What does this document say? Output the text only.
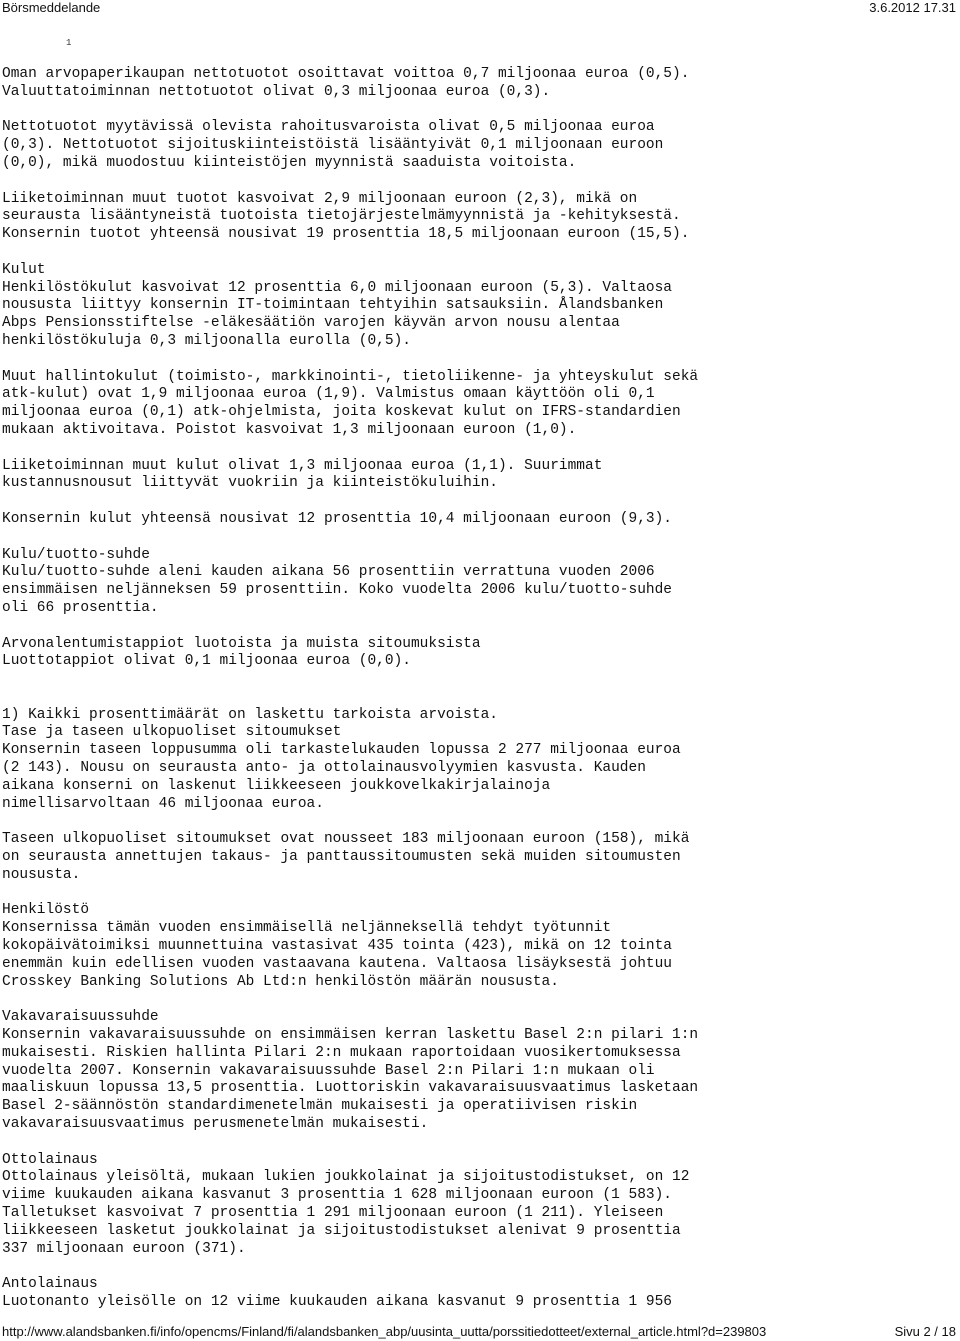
Börsmeddelande	3.6.2012 17.31
1
Oman arvopaperikaupan nettotuotot osoittavat voittoa 0,7 miljoonaa euroa (0,5).
Valuuttatoiminnan nettotuotot olivat 0,3 miljoonaa euroa (0,3).
Nettotuotot myytävissä olevista rahoitusvaroista olivat 0,5 miljoonaa euroa
(0,3). Nettotuotot sijoituskiinteistöistä lisääntyivät 0,1 miljoonaan euroon
(0,0), mikä muodostuu kiinteistöjen myynnistä saaduista voitoista.
Liiketoiminnan muut tuotot kasvoivat 2,9 miljoonaan euroon (2,3), mikä on
seurausta lisääntyneistä tuotoista tietojärjestelmämyynnistä ja -kehityksestä.
Konsernin tuotot yhteensä nousivat 19 prosenttia 18,5 miljoonaan euroon (15,5).
Kulut
Henkilöstökulut kasvoivat 12 prosenttia 6,0 miljoonaan euroon (5,3). Valtaosa
noususta liittyy konsernin IT-toimintaan tehtyihin satsauksiin. Ålandsbanken
Abps Pensionsstiftelse -eläkesäätiön varojen käyvän arvon nousu alentaa
henkilöstökuluja 0,3 miljoonalla eurolla (0,5).
Muut hallintokulut (toimisto-, markkinointi-, tietoliikenne- ja yhteyskulut sekä
atk-kulut) ovat 1,9 miljoonaa euroa (1,9). Valmistus omaan käyttöön oli 0,1
miljoonaa euroa (0,1) atk-ohjelmista, joita koskevat kulut on IFRS-standardien
mukaan aktivoitava. Poistot kasvoivat 1,3 miljoonaan euroon (1,0).
Liiketoiminnan muut kulut olivat 1,3 miljoonaa euroa (1,1). Suurimmat
kustannusnousut liittyvät vuokriin ja kiinteistökuluihin.
Konsernin kulut yhteensä nousivat 12 prosenttia 10,4 miljoonaan euroon (9,3).
Kulu/tuotto-suhde
Kulu/tuotto-suhde aleni kauden aikana 56 prosenttiin verrattuna vuoden 2006
ensimmäisen neljänneksen 59 prosenttiin. Koko vuodelta 2006 kulu/tuotto-suhde
oli 66 prosenttia.
Arvonalentumistappiot luotoista ja muista sitoumuksista
Luottotappiot olivat 0,1 miljoonaa euroa (0,0).
1) Kaikki prosenttimäärät on laskettu tarkoista arvoista.
Tase ja taseen ulkopuoliset sitoumukset
Konsernin taseen loppusumma oli tarkastelukauden lopussa 2 277 miljoonaa euroa
(2 143). Nousu on seurausta anto- ja ottolainausvolyymien kasvusta. Kauden
aikana konserni on laskenut liikkeeseen joukkovelkakirjalainoja
nimellisarvoltaan 46 miljoonaa euroa.
Taseen ulkopuoliset sitoumukset ovat nousseet 183 miljoonaan euroon (158), mikä
on seurausta annettujen takaus- ja panttaussitoumusten sekä muiden sitoumusten
noususta.
Henkilöstö
Konsernissa tämän vuoden ensimmäisellä neljänneksellä tehdyt työtunnit
kokopäivätoimiksi muunnettuina vastasivat 435 tointa (423), mikä on 12 tointa
enemmän kuin edellisen vuoden vastaavana kautena. Valtaosa lisäyksestä johtuu
Crosskey Banking Solutions Ab Ltd:n henkilöstön määrän noususta.
Vakavaraisuussuhde
Konsernin vakavaraisuussuhde on ensimmäisen kerran laskettu Basel 2:n pilari 1:n
mukaisesti. Riskien hallinta Pilari 2:n mukaan raportoidaan vuosikertomuksessa
vuodelta 2007. Konsernin vakavaraisuussuhde Basel 2:n Pilari 1:n mukaan oli
maaliskuun lopussa 13,5 prosenttia. Luottoriskin vakavaraisuusvaatimus lasketaan
Basel 2-säännöstön standardimenetelmän mukaisesti ja operatiivisen riskin
vakavaraisuusvaatimus perusmenetelmän mukaisesti.
Ottolainaus
Ottolainaus yleisöltä, mukaan lukien joukkolainat ja sijoitustodistukset, on 12
viime kuukauden aikana kasvanut 3 prosenttia 1 628 miljoonaan euroon (1 583).
Talletukset kasvoivat 7 prosenttia 1 291 miljoonaan euroon (1 211). Yleiseen
liikkeeseen lasketut joukkolainat ja sijoitustodistukset alenivat 9 prosenttia
337 miljoonaan euroon (371).
Antolainaus
Luotonanto yleisölle on 12 viime kuukauden aikana kasvanut 9 prosenttia 1 956
http://www.alandsbanken.fi/info/opencms/Finland/fi/alandsbanken_abp/uusinta_uutta/porssitiedotteet/external_article.html?d=239803	Sivu 2 / 18
